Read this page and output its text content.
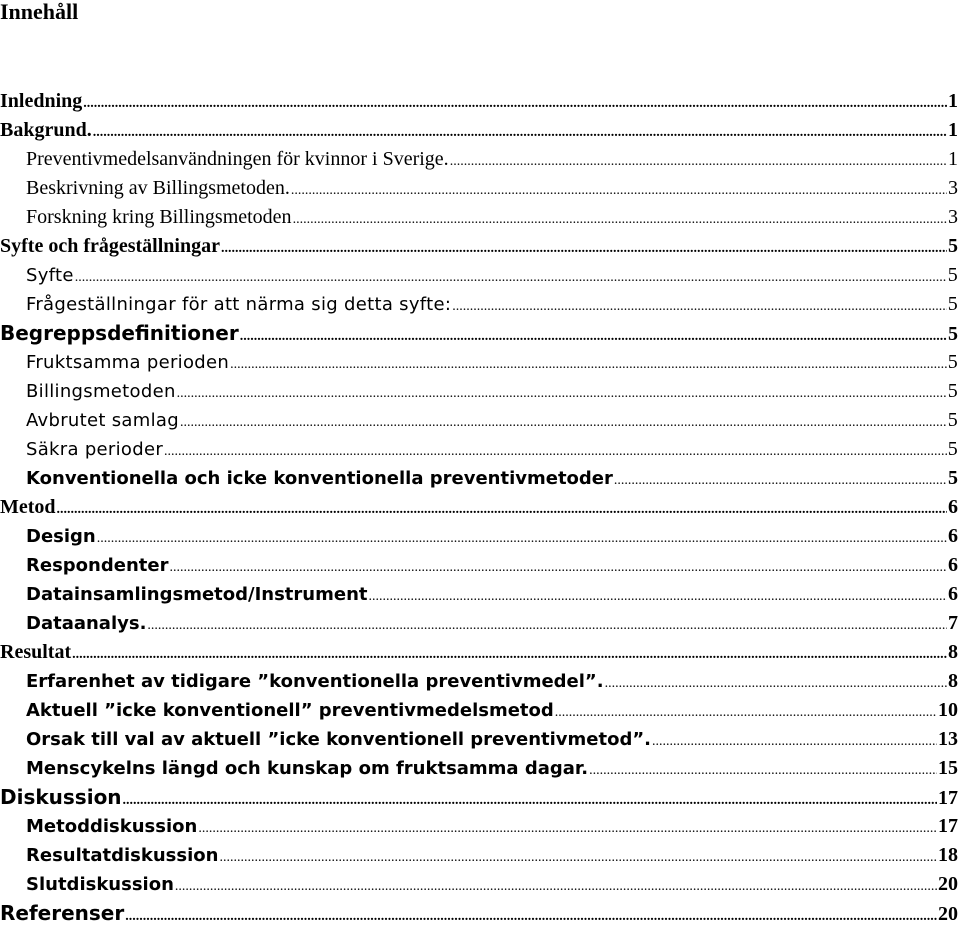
Innehåll
Inledning .....	1
Bakgrund. .....	1
Preventivmedelsanvändningen för kvinnor i Sverige. .....	1
Beskrivning av Billingsmetoden. .....	3
Forskning kring Billingsmetoden .....	3
Syfte och frågeställningar .....	5
Syfte .....	5
Frågeställningar för att närma sig detta syfte: .....	5
Begreppsdefinitioner .....	5
Fruktsamma perioden .....	5
Billingsmetoden .....	5
Avbrutet samlag .....	5
Säkra perioder .....	5
Konventionella och icke konventionella preventivmetoder .....	5
Metod .....	6
Design .....	6
Respondenter .....	6
Datainsamlingsmetod/Instrument .....	6
Dataanalys. .....	7
Resultat .....	8
Erfarenhet av tidigare ”konventionella preventivmedel”. .....	8
Aktuell ”icke konventionell” preventivmedelsmetod .....	10
Orsak till val av aktuell ”icke konventionell preventivmetod”. .....	13
Menscykelns längd och kunskap om fruktsamma dagar. .....	15
Diskussion .....	17
Metoddiskussion .....	17
Resultatdiskussion .....	18
Slutdiskussion .....	20
Referenser .....	20
